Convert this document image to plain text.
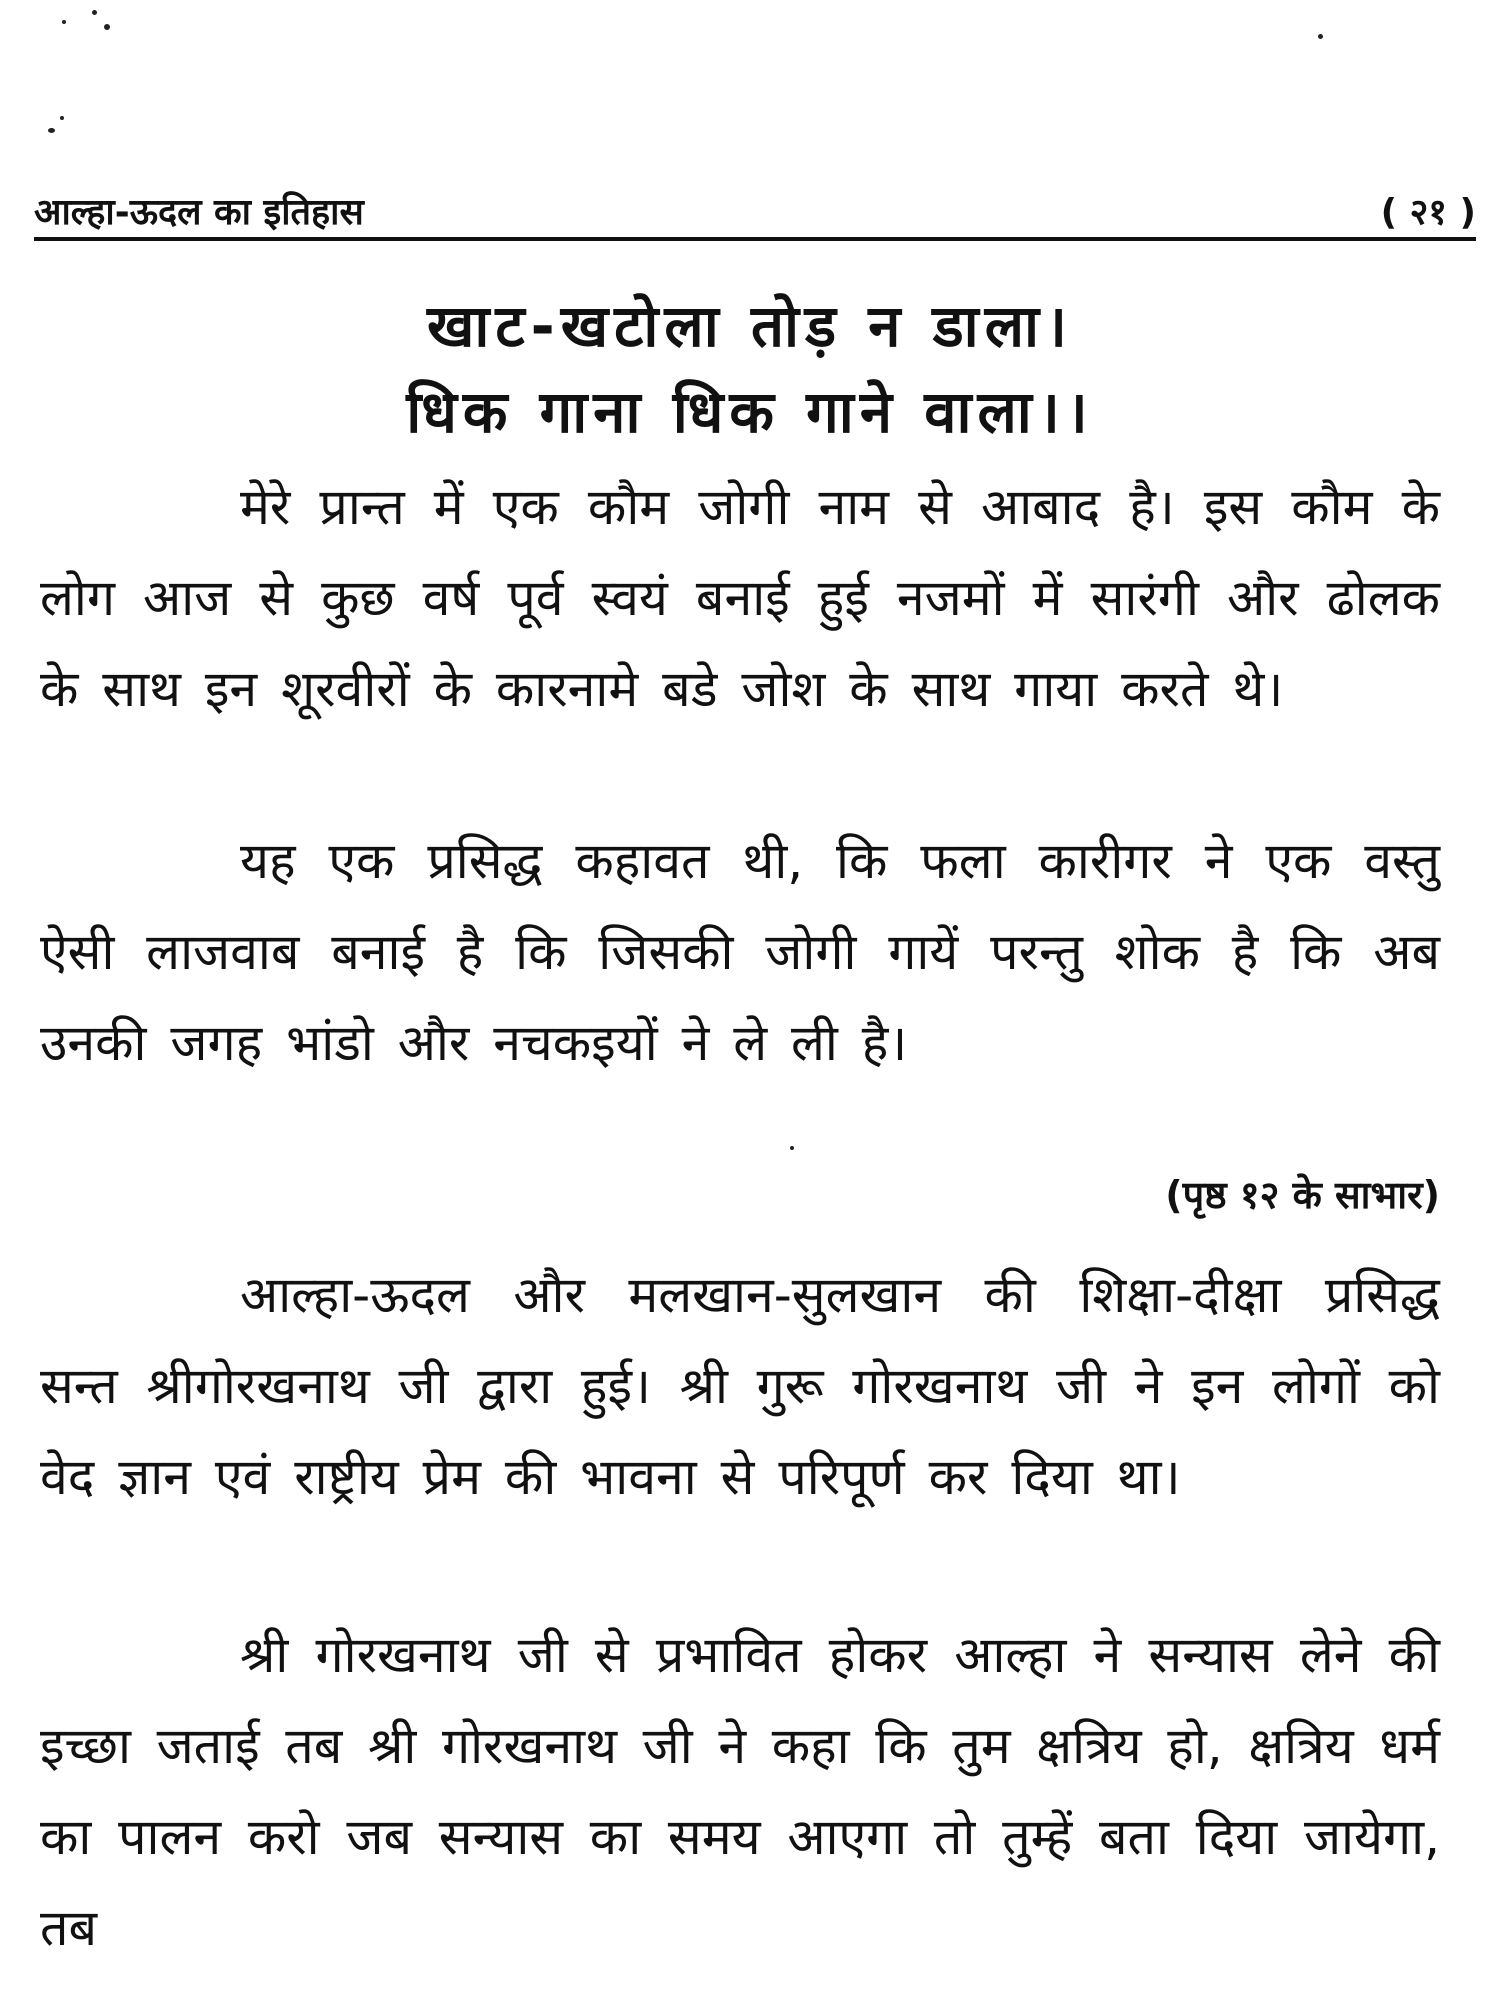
आल्हा-ऊदल का इतिहास	( २१ )
खाट-खटोला तोड़ न डाला।
धिक गाना धिक गाने वाला।।
मेरे प्रान्त में एक कौम जोगी नाम से आबाद है। इस कौम के लोग आज से कुछ वर्ष पूर्व स्वयं बनाई हुई नजमों में सारंगी और ढोलक के साथ इन शूरवीरों के कारनामे बडे जोश के साथ गाया करते थे।
यह एक प्रसिद्ध कहावत थी, कि फला कारीगर ने एक वस्तु ऐसी लाजवाब बनाई है कि जिसकी जोगी गायें परन्तु शोक है कि अब उनकी जगह भांडो और नचकइयों ने ले ली है।
(पृष्ठ १२ के साभार)
आल्हा-ऊदल और मलखान-सुलखान की शिक्षा-दीक्षा प्रसिद्ध सन्त श्रीगोरखनाथ जी द्वारा हुई। श्री गुरू गोरखनाथ जी ने इन लोगों को वेद ज्ञान एवं राष्ट्रीय प्रेम की भावना से परिपूर्ण कर दिया था।
श्री गोरखनाथ जी से प्रभावित होकर आल्हा ने सन्यास लेने की इच्छा जताई तब श्री गोरखनाथ जी ने कहा कि तुम क्षत्रिय हो, क्षत्रिय धर्म का पालन करो जब सन्यास का समय आएगा तो तुम्हें बता दिया जायेगा, तब
